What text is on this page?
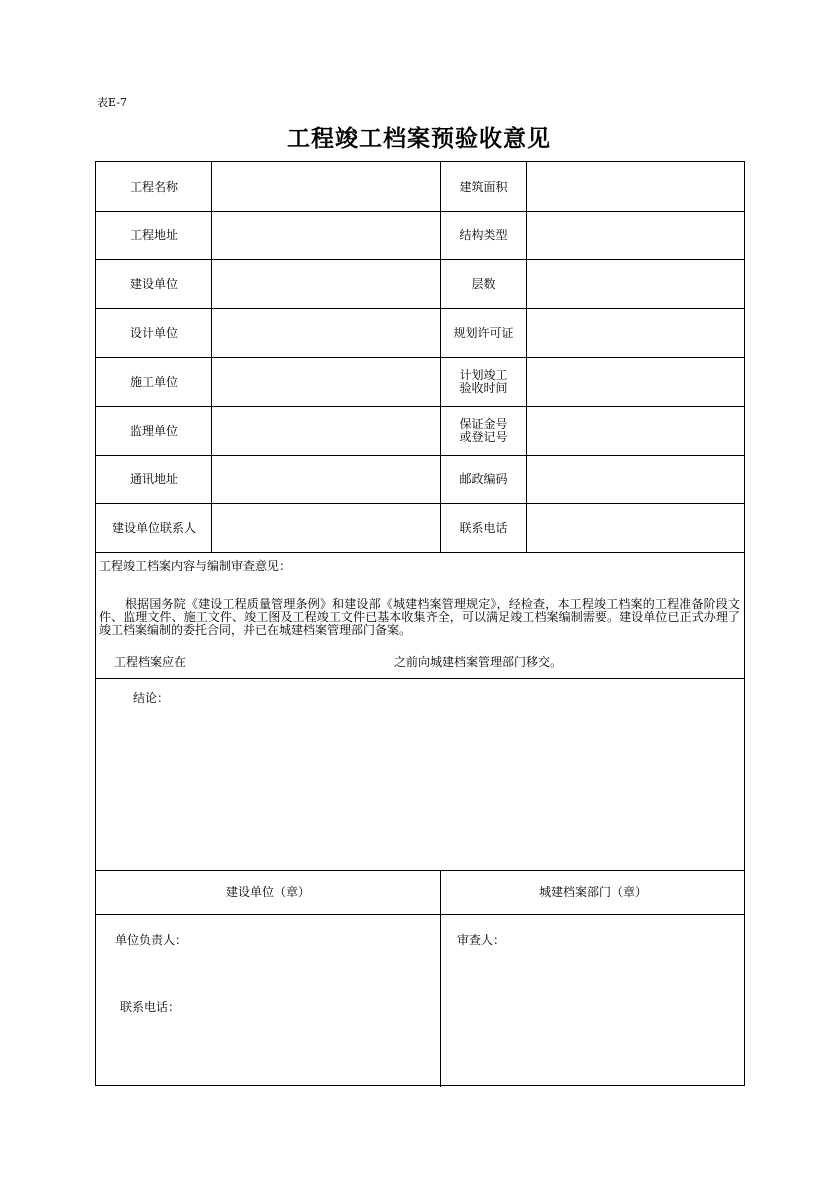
表E-7
工程竣工档案预验收意见
工程名称	建筑面积
工程地址	结构类型
建设单位	层数
设计单位	规划许可证
施工单位	计划竣工
验收时间
监理单位	保证金号
或登记号
通讯地址	邮政编码
建设单位联系人	联系电话
工程竣工档案内容与编制审查意见：
根据国务院《建设工程质量管理条例》和建设部《城建档案管理规定》，经检查，本工程竣工档案的工程准备阶段文件、监理文件、施工文件、竣工图及工程竣工文件已基本收集齐全，可以满足竣工档案编制需要。建设单位已正式办理了竣工档案编制的委托合同，并已在城建档案管理部门备案。
工程档案应在	之前向城建档案管理部门移交。
结论：
建设单位（章）	城建档案部门（章）
单位负责人：
联系电话：
审查人：
